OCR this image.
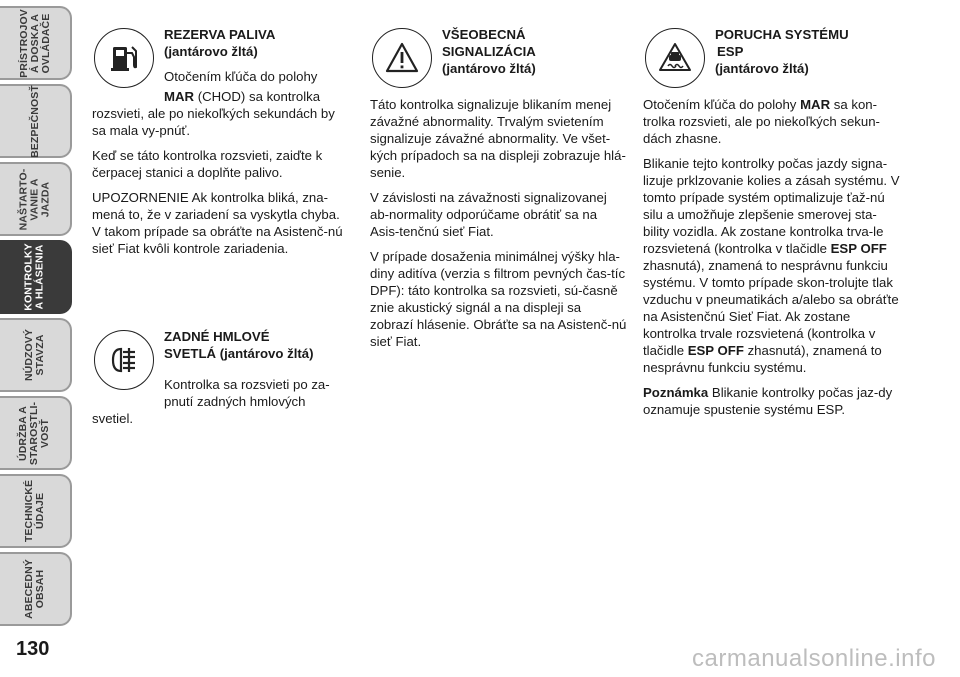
PRÍSTROJOV
Á DOSKA A
OVLÁDAČE
BEZPEČNOSŤ
NAŠTARTO-
VANIE A
JAZDA
KONTROLKY
A HLÁSENIA
NÚDZOVÝ
STAVZA
ÚDRŽBA A
STAROSTLI-
VOSŤ
TECHNICKÉ
ÚDAJE
ABECEDNÝ
OBSAH
130

REZERVA PALIVA
(jantárovo žltá)

Otočením kľúča do polohy

MAR (CHOD) sa kontrolka rozsvieti, ale po niekoľkých sekundách by sa mala vy-pnúť.

Keď se táto kontrolka rozsvieti, zaiďte k čerpacej stanici a doplňte palivo.

UPOZORNENIE Ak kontrolka bliká, zna-mená to, že v zariadení sa vyskytla chyba. V takom prípade sa obráťte na Asistenč-nú sieť Fiat kvôli kontrole zariadenia.

ZADNÉ HMLOVÉ
SVETLÁ (jantárovo žltá)

Kontrolka sa rozsvieti po za-pnutí zadných hmlových svetiel.

VŠEOBECNÁ
SIGNALIZÁCIA
(jantárovo žltá)

Táto kontrolka signalizuje blikaním menej závažné abnormality. Trvalým svietením signalizuje závažné abnormality. Ve všet-kých prípadoch sa na displeji zobrazuje hlá-senie.

V závislosti na závažnosti signalizovanej ab-normality odporúčame obrátiť sa na Asis-tenčnú sieť Fiat.

V prípade dosaženia minimálnej výšky hla-diny aditíva (verzia s filtrom pevných čas-tíc DPF): táto kontrolka sa rozsvieti, sú-časně znie akustický signál a na displeji sa zobrazí hlásenie. Obráťte sa na Asistenč-nú sieť Fiat.

PORUCHA SYSTÉMU
ESP
(jantárovo žltá)

Otočením kľúča do polohy MAR sa kon-trolka rozsvieti, ale po niekoľkých sekun-dách zhasne.

Blikanie tejto kontrolky počas jazdy signa-lizuje prklzovanie kolies a zásah systému. V tomto prípade systém optimalizuje ťaž-nú silu a umožňuje zlepšenie smerovej sta-bility vozidla. Ak zostane kontrolka trva-le rozsvietená (kontrolka v tlačidle ESP OFF zhasnutá), znamená to nesprávnu funkciu systému. V tomto prípade skon-trolujte tlak vzduchu v pneumatikách a/alebo sa obráťte na Asistenčnú Sieť Fiat. Ak zostane kontrolka trvale rozsvietená (kontrolka v tlačidle ESP OFF zhasnutá), znamená to nesprávnu funkciu systému.

Poznámka Blikanie kontrolky počas jaz-dy oznamuje spustenie systému ESP.

carmanualsonline.info
